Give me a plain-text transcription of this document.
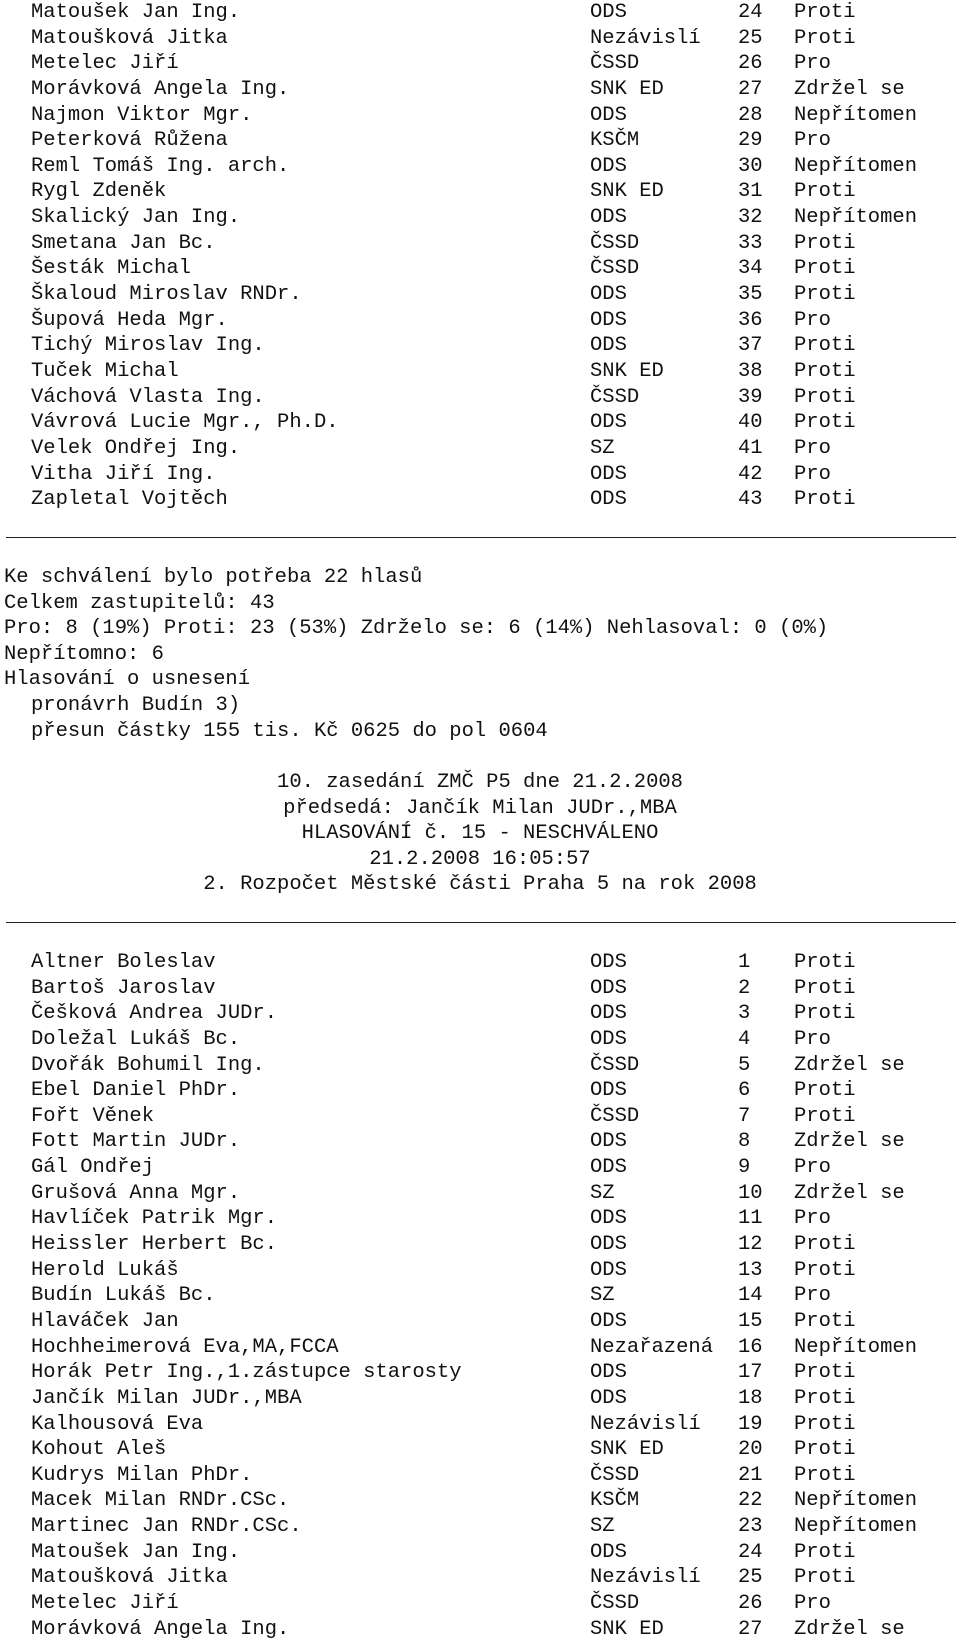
Matoušek Jan Ing.	ODS	24 Proti
Matoušková Jitka	Nezávislí 25 Proti
Metelec Jiří	ČSSD	26 Pro
Morávková Angela Ing.	SNK ED	27 Zdržel se
Najmon Viktor Mgr.	ODS	28 Nepřítomen
Peterková Růžena	KSČM	29 Pro
Reml Tomáš Ing. arch.	ODS	30 Nepřítomen
Rygl Zdeněk	SNK ED	31 Proti
Skalický Jan Ing.	ODS	32 Nepřítomen
Smetana Jan Bc.	ČSSD	33 Proti
Šesták Michal	ČSSD	34 Proti
Škaloud Miroslav RNDr.	ODS	35 Proti
Šupová Heda Mgr.	ODS	36 Pro
Tichý Miroslav Ing.	ODS	37 Proti
Tuček Michal	SNK ED	38 Proti
Váchová Vlasta Ing.	ČSSD	39 Proti
Vávrová Lucie Mgr., Ph.D.	ODS	40 Proti
Velek Ondřej Ing.	SZ	41 Pro
Vitha Jiří Ing.	ODS	42 Pro
Zapletal Vojtěch	ODS	43 Proti
Ke schválení bylo potřeba 22 hlasů
Celkem zastupitelů: 43
Pro: 8 (19%) Proti: 23 (53%) Zdrželo se: 6 (14%) Nehlasoval: 0 (0%)
Nepřítomno: 6
Hlasování o usnesení
pronávrh Budín 3)
přesun částky 155 tis. Kč 0625 do pol 0604
10. zasedání ZMČ P5 dne 21.2.2008
předsedá: Jančík Milan JUDr.,MBA
HLASOVÁNÍ č. 15 - NESCHVÁLENO
21.2.2008 16:05:57
2. Rozpočet Městské části Praha 5 na rok 2008
Altner Boleslav	ODS	1 Proti
Bartoš Jaroslav	ODS	2 Proti
Češková Andrea JUDr.	ODS	3 Proti
Doležal Lukáš Bc.	ODS	4 Pro
Dvořák Bohumil Ing.	ČSSD	5 Zdržel se
Ebel Daniel PhDr.	ODS	6 Proti
Fořt Věnek	ČSSD	7 Proti
Fott Martin JUDr.	ODS	8 Zdržel se
Gál Ondřej	ODS	9 Pro
Grušová Anna Mgr.	SZ	10 Zdržel se
Havlíček Patrik Mgr.	ODS	11 Pro
Heissler Herbert Bc.	ODS	12 Proti
Herold Lukáš	ODS	13 Proti
Budín Lukáš Bc.	SZ	14 Pro
Hlaváček Jan	ODS	15 Proti
Hochheimerová Eva,MA,FCCA	Nezařazená 16 Nepřítomen
Horák Petr Ing.,1.zástupce starosty	ODS	17 Proti
Jančík Milan JUDr.,MBA	ODS	18 Proti
Kalhousová Eva	Nezávislí 19 Proti
Kohout Aleš	SNK ED	20 Proti
Kudrys Milan PhDr.	ČSSD	21 Proti
Macek Milan RNDr.CSc.	KSČM	22 Nepřítomen
Martinec Jan RNDr.CSc.	SZ	23 Nepřítomen
Matoušek Jan Ing.	ODS	24 Proti
Matoušková Jitka	Nezávislí 25 Proti
Metelec Jiří	ČSSD	26 Pro
Morávková Angela Ing.	SNK ED	27 Zdržel se
